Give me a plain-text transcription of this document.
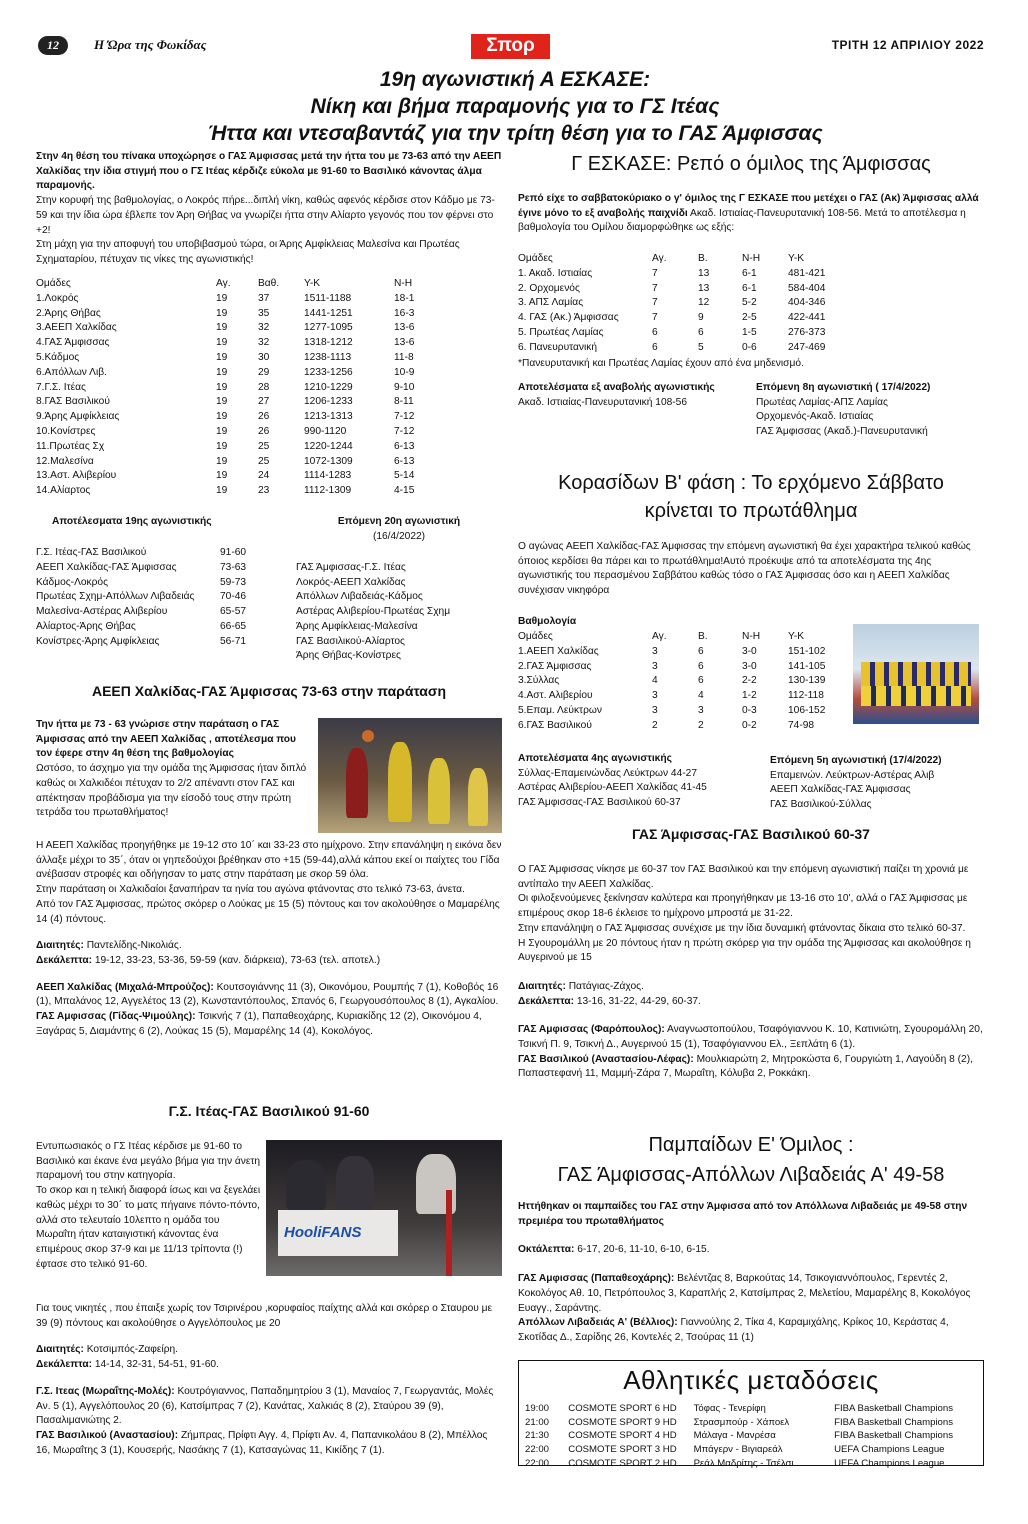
12	Η Ώρα της Φωκίδας	Σπορ	ΤΡΙΤΗ 12 ΑΠΡΙΛΙΟΥ 2022
19η αγωνιστική Α ΕΣΚΑΣΕ:
Νίκη και βήμα παραμονής για το ΓΣ Ιτέας
Ήττα και ντεσαβαντάζ για την τρίτη θέση για το ΓΑΣ Άμφισσας

Στην 4η θέση του πίνακα υποχώρησε ο ΓΑΣ Άμφισσας μετά την ήττα του με 73-63 από την ΑΕΕΠ Χαλκίδας την ίδια στιγμή που ο ΓΣ Ιτέας κέρδιζε εύκολα με 91-60 το Βασιλικό κάνοντας άλμα παραμονής.

Στην κορυφή της βαθμολογίας, ο Λοκρός πήρε...διπλή νίκη, καθώς αφενός κέρδισε στον Κάδμο με 73-59 και την ίδια ώρα έβλεπε τον Άρη Θήβας να γνωρίζει ήττα στην Αλίαρτο γεγονός που τον φέρνει στο +2!

Στη μάχη για την αποφυγή του υποβιβασμού τώρα, οι Άρης Αμφίκλειας Μαλεσίνα και Πρωτέας Σχηματαρίου, πέτυχαν τις νίκες της αγωνιστικής!

Ομάδες	Αγ.	Βαθ.	Υ-Κ	Ν-Η
1.Λοκρός	19	37	1511-1188	18-1
2.Άρης Θήβας	19	35	1441-1251	16-3
3.ΑΕΕΠ Χαλκίδας	19	32	1277-1095	13-6
4.ΓΑΣ Άμφισσας	19	32	1318-1212	13-6
5.Κάδμος	19	30	1238-1113	11-8
6.Απόλλων Λιβ.	19	29	1233-1256	10-9
7.Γ.Σ. Ιτέας	19	28	1210-1229	9-10
8.ΓΑΣ Βασιλικού	19	27	1206-1233	8-11
9.Άρης Αμφίκλειας	19	26	1213-1313	7-12
10.Κονίστρες	19	26	990-1120	7-12
11.Πρωτέας Σχ	19	25	1220-1244	6-13
12.Μαλεσίνα	19	25	1072-1309	6-13
13.Αστ. Αλιβερίου	19	24	1114-1283	5-14
14.Αλίαρτος	19	23	1112-1309	4-15
Αποτέλεσματα 19ης αγωνιστικής	Επόμενη 20η αγωνιστική
(16/4/2022)
Γ.Σ. Ιτέας-ΓΑΣ Βασιλικού	91-60
ΑΕΕΠ Χαλκίδας-ΓΑΣ Άμφισσας	73-63
Κάδμος-Λοκρός	59-73
Πρωτέας Σχημ-Απόλλων Λιβαδειάς	70-46
Μαλεσίνα-Αστέρας Αλιβερίου	65-57
Αλίαρτος-Άρης Θήβας	66-65
Κονίστρες-Άρης Αμφίκλειας	56-71

ΓΑΣ Άμφισσας-Γ.Σ. Ιτέας

Λοκρός-ΑΕΕΠ Χαλκίδας

Απόλλων Λιβαδειάς-Κάδμος

Αστέρας Αλιβερίου-Πρωτέας Σχημ

Άρης Αμφίκλειας-Μαλεσίνα

ΓΑΣ Βασιλικού-Αλίαρτος

Άρης Θήβας-Κονίστρες

ΑΕΕΠ Χαλκίδας-ΓΑΣ Άμφισσας 73-63 στην παράταση

Την ήττα με 73 - 63 γνώρισε στην παράταση ο ΓΑΣ Άμφισσας από την ΑΕΕΠ Χαλκίδας , αποτέλεσμα που τον έφερε στην 4η θέση της βαθμολογίας

Ωστόσο, το άσχημο για την ομάδα της Άμφισσας ήταν διπλό καθώς οι Χαλκιδέοι πέτυχαν το 2/2 απέναντι στον ΓΑΣ και απέκτησαν προβάδισμα για την είσοδό τους στην πρώτη τετράδα του πρωταθλήματος!

Η ΑΕΕΠ Χαλκίδας προηγήθηκε με 19-12 στο 10΄ και 33-23 στο ημίχρονο. Στην επανάληψη η εικόνα δεν άλλαξε μέχρι το 35΄, όταν οι γηπεδούχοι βρέθηκαν στο +15 (59-44),αλλά κάπου εκεί οι παίχτες του Γίδα ανέβασαν στροφές και οδήγησαν το ματς στην παράταση με σκορ 59 όλα.

Στην παράταση οι Χαλκιδαίοι ξαναπήραν τα ηνία του αγώνα φτάνοντας στο τελικό 73-63, άνετα.

Από τον ΓΑΣ Άμφισσας, πρώτος σκόρερ ο Λούκας με 15 (5) πόντους και τον ακολούθησε ο Μαμαρέλης 14 (4) πόντους.

Διαιτητές: Παντελίδης-Νικολιάς.

Δεκάλεπτα: 19-12, 33-23, 53-36, 59-59 (καν. διάρκεια), 73-63 (τελ. αποτελ.)

ΑΕΕΠ Χαλκίδας (Μιχαλά-Μπρούζος): Κουτσογιάννης 11 (3), Οικονόμου, Ρουμπής 7 (1), Κοθοβός 16 (1), Μπαλάνος 12, Αγγελέτος 13 (2), Κωνσταντόπουλος, Σπανός 6, Γεωργουσόπουλος 8 (1), Αγκαλίου.

ΓΑΣ Αμφισσας (Γίδας-Ψιμούλης): Τσικνής 7 (1), Παπαθεοχάρης, Κυριακίδης 12 (2), Οικονόμου 4, Ξαγάρας 5, Διαμάντης 6 (2), Λούκας 15 (5), Μαμαρέλης 14 (4), Κοκολόγος.

Γ.Σ. Ιτέας-ΓΑΣ Βασιλικού 91-60
HooliFANS

Εντυπωσιακός ο ΓΣ Ιτέας κέρδισε με 91-60 το Βασιλικό και έκανε ένα μεγάλο βήμα για την άνετη παραμονή του στην κατηγορία.

Το σκορ και η τελική διαφορά ίσως και να ξεγελάει καθώς μέχρι το 30΄ το ματς πήγαινε πόντο-πόντο, αλλά στο τελευταίο 10λεπτο η ομάδα του Μωραΐτη ήταν καταιγιστική κάνοντας ένα επιμέρους σκορ 37-9 και με 11/13 τρίποντα (!) έφτασε στο τελικό 91-60.

Για τους νικητές , που έπαιξε χωρίς τον Τσιρινέρου ,κορυφαίος παίχτης αλλά και σκόρερ ο Σταυρου με 39 (9) πόντους και ακολούθησε ο Αγγελόπουλος με 20

Διαιτητές: Κοτσιμπός-Ζαφείρη.

Δεκάλεπτα: 14-14, 32-31, 54-51, 91-60.

Γ.Σ. Ιτεας (Μωραΐτης-Μολές): Κουτρόγιαννος, Παπαδημητρίου 3 (1), Μαναίος 7, Γεωργαντάς, Μολές Αν. 5 (1), Αγγελόπουλος 20 (6), Κατσίμπρας 7 (2), Κανάτας, Χαλκιάς 8 (2), Σταύρου 39 (9), Πασαλιμανιώτης 2.

ΓΑΣ Βασιλικού (Αναστασίου): Ζήμπρας, Πρίφτι Αγγ. 4, Πρίφτι Αν. 4, Παπανικολάου 8 (2), Μπέλλος 16, Μωραΐτης 3 (1), Κουσερής, Νασάκης 7 (1), Κατσαγώνας 11, Κικίδης 7 (1).

Γ ΕΣΚΑΣΕ: Ρεπό ο όμιλος της Άμφισσας

Ρεπό είχε το σαββατοκύριακο ο γ' όμιλος της Γ ΕΣΚΑΣΕ που μετέχει ο ΓΑΣ (Ακ) Άμφισσας αλλά έγινε μόνο το εξ αναβολής παιχνίδι Ακαδ. Ιστιαίας-Πανευρυτανική 108-56. Μετά το αποτέλεσμα η βαθμολογία του Ομίλου διαμορφώθηκε ως εξής:

Ομάδες	Αγ.	Β.	Ν-Η	Υ-Κ
1. Ακαδ. Ιστιαίας	7	13	6-1	481-421
2. Ορχομενός	7	13	6-1	584-404
3. ΑΠΣ Λαμίας	7	12	5-2	404-346
4. ΓΑΣ (Ακ.) Άμφισσας	7	9	2-5	422-441
5. Πρωτέας Λαμίας	6	6	1-5	276-373
6. Πανευρυτανική	6	5	0-6	247-469
*Πανευρυτανική και Πρωτέας Λαμίας έχουν από ένα μηδενισμό.

Αποτελέσματα εξ αναβολής αγωνιστικής

Ακαδ. Ιστιαίας-Πανευρυτανική 108-56

Επόμενη 8η αγωνιστική ( 17/4/2022)

Πρωτέας Λαμίας-ΑΠΣ Λαμίας

Ορχομενός-Ακαδ. Ιστιαίας

ΓΑΣ Άμφισσας (Ακαδ.)-Πανευρυτανική

Κορασίδων Β' φάση : Το ερχόμενο Σάββατο
κρίνεται το πρωτάθλημα
Ο αγώνας ΑΕΕΠ Χαλκίδας-ΓΑΣ Άμφισσας την επόμενη αγωνιστική θα έχει χαρακτήρα τελικού καθώς όποιος κερδίσει θα πάρει και το πρωτάθλημα!Αυτό προέκυψε από τα αποτελέσματα της 4ης αγωνιστικής του περασμένου Σαββάτου καθώς τόσο ο ΓΑΣ Άμφισσας όσο και η ΑΕΕΠ Χαλκίδας συνέχισαν νικηφόρα
Βαθμολογία
Ομάδες	Αγ.	Β.	Ν-Η	Υ-Κ
1.ΑΕΕΠ Χαλκίδας	3	6	3-0	151-102
2.ΓΑΣ Άμφισσας	3	6	3-0	141-105
3.Σύλλας	4	6	2-2	130-139
4.Αστ. Αλιβερίου	3	4	1-2	112-118
5.Επαμ. Λεύκτρων	3	3	0-3	106-152
6.ΓΑΣ Βασιλικού	2	2	0-2	74-98

Αποτελέσματα 4ης αγωνιστικής

Σύλλας-Επαμεινώνδας Λεύκτρων 44-27

Αστέρας Αλιβερίου-ΑΕΕΠ Χαλκίδας 41-45

ΓΑΣ Άμφισσας-ΓΑΣ Βασιλικού 60-37

Επόμενη 5η αγωνιστική (17/4/2022)

Επαμεινών. Λεύκτρων-Αστέρας Αλιβ

ΑΕΕΠ Χαλκίδας-ΓΑΣ Άμφισσας

ΓΑΣ Βασιλικού-Σύλλας

ΓΑΣ Άμφισσας-ΓΑΣ Βασιλικού 60-37

Ο ΓΑΣ Άμφισσας νίκησε με 60-37 τον ΓΑΣ Βασιλικού και την επόμενη αγωνιστική παίζει τη χρονιά με αντίπαλο την ΑΕΕΠ Χαλκίδας.

Οι φιλοξενούμενες ξεκίνησαν καλύτερα και προηγήθηκαν με 13-16 στο 10', αλλά ο ΓΑΣ Άμφισσας με επιμέρους σκορ 18-6 έκλεισε το ημίχρονο μπροστά με 31-22.

Στην επανάληψη ο ΓΑΣ Άμφισσας συνέχισε με την ίδια δυναμική φτάνοντας δίκαια στο τελικό 60-37.

Η Σγουρομάλλη με 20 πόντους ήταν η πρώτη σκόρερ για την ομάδα της Άμφισσας και ακολούθησε η Αυγερινού με 15

Διαιτητές: Πατάγιας-Ζάχος.

Δεκάλεπτα: 13-16, 31-22, 44-29, 60-37.

ΓΑΣ Αμφισσας (Φαρόπουλος): Αναγνωστοπούλου, Τσαφόγιαννου Κ. 10, Κατινιώτη, Σγουρομάλλη 20, Τσικνή Π. 9, Τσικνή Δ., Αυγερινού 15 (1), Τσαφόγιαννου Ελ., Ξεπλάτη 6 (1).

ΓΑΣ Βασιλικού (Αναστασίου-Λέφας): Μουλκιαρώτη 2, Μητροκώστα 6, Γουργιώτη 1, Λαγούδη 8 (2), Παπαστεφανή 11, Μαμμή-Ζάρα 7, Μωραΐτη, Κόλυβα 2, Ροκκάκη.

Παμπαίδων Ε' Όμιλος :
ΓΑΣ Άμφισσας-Απόλλων Λιβαδειάς Α' 49-58

Ηττήθηκαν οι παμπαίδες του ΓΑΣ στην Άμφισσα από τον Απόλλωνα Λιβαδειάς με 49-58 στην πρεμιέρα του πρωταθλήματος

Οκτάλεπτα: 6-17, 20-6, 11-10, 6-10, 6-15.

ΓΑΣ Αμφισσας (Παπαθεοχάρης): Βελέντζας 8, Βαρκούτας 14, Τσικογιαννόπουλος, Γερεντές 2, Κοκολόγος Αθ. 10, Πετρόπουλος 3, Καραπλής 2, Κατσίμπρας 2, Μελετίου, Μαμαρέλης 8, Κοκολόγος Ευαγγ., Σαράντης.

Απόλλων Λιβαδειάς Α' (Βέλλιος): Γιαννούλης 2, Τίκα 4, Καραμιχάλης, Κρίκος 10, Κεράστας 4, Σκοτίδας Δ., Σαρίδης 26, Κοντελές 2, Τσούρας 11 (1)

Αθλητικές μεταδόσεις
19:00	COSMOTE SPORT 6 HD	Τόφας - Τενερίφη	FIBA Basketball Champions
21:00	COSMOTE SPORT 9 HD	Στρασμπούρ - Χάποελ	FIBA Basketball Champions
21:30	COSMOTE SPORT 4 HD	Μάλαγα - Μανρέσα	FIBA Basketball Champions
22:00	COSMOTE SPORT 3 HD	Μπάγερν - Βιγιαρεάλ	UEFA Champions League
22:00	COSMOTE SPORT 2 HD	Ρεάλ Μαδρίτης - Τσέλσι	UEFA Champions League
